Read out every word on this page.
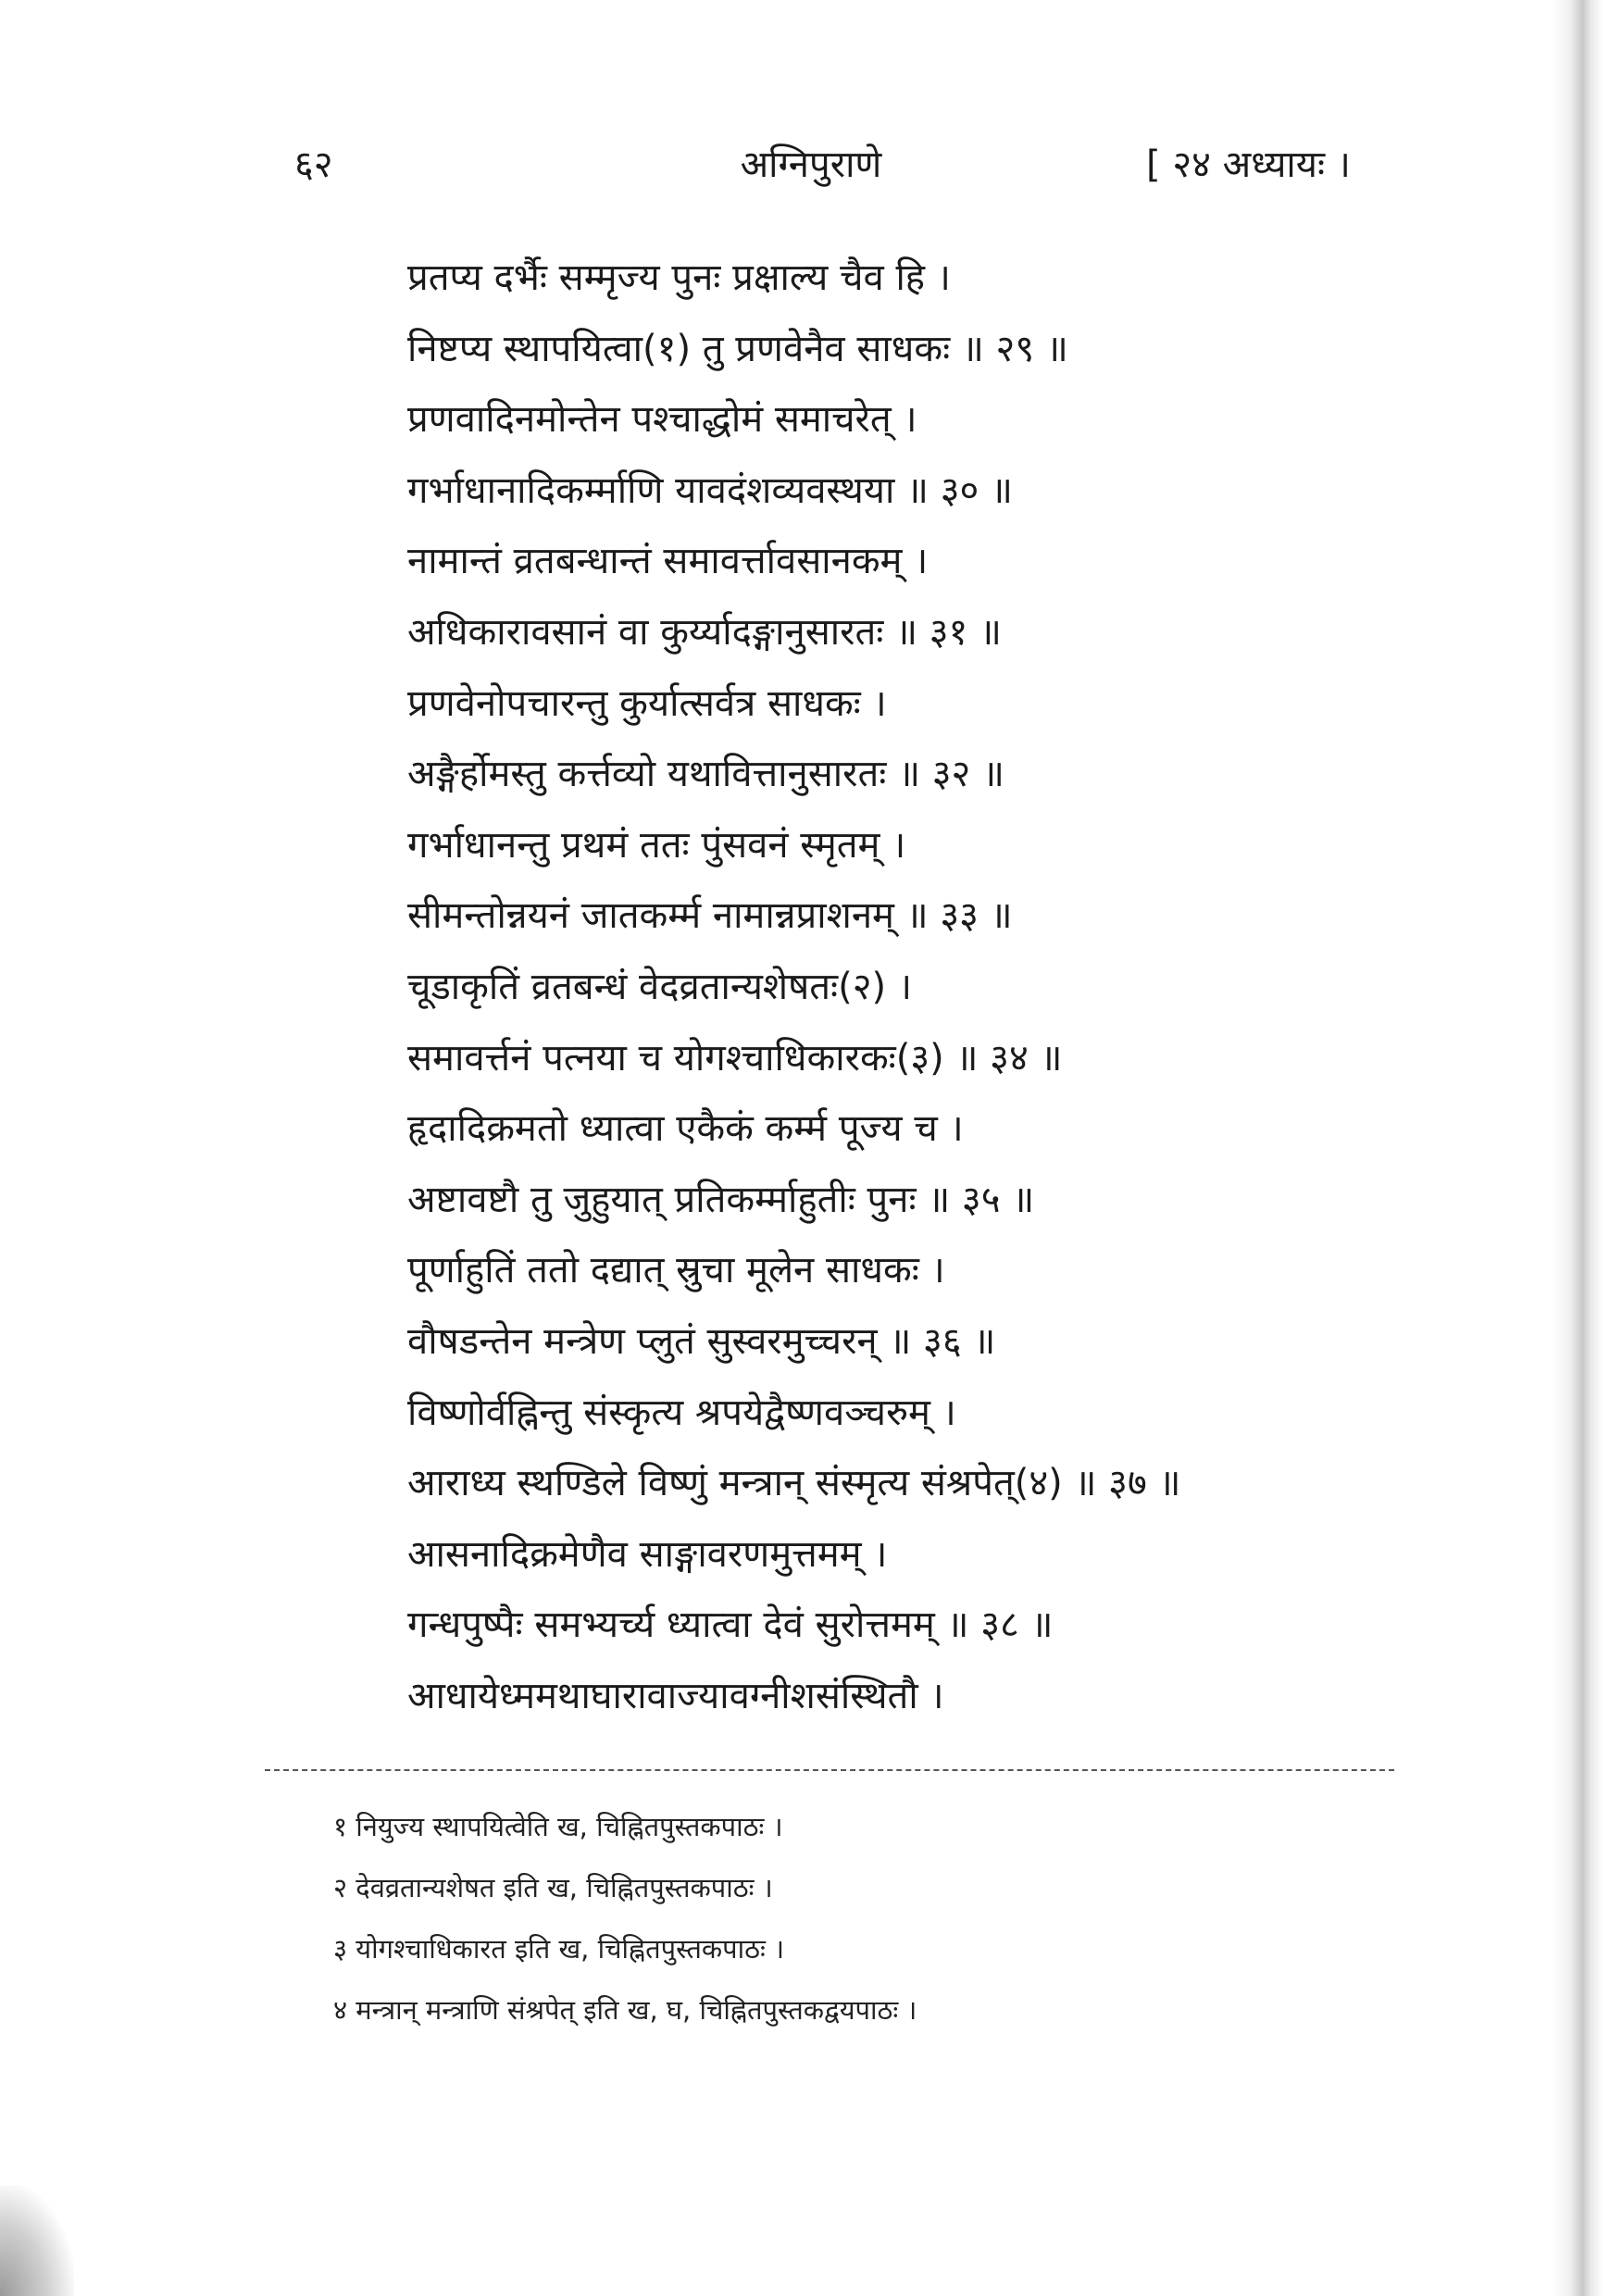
६२	अग्निपुराणे	[ २४ अध्यायः ।
प्रतप्य दर्भैः सम्मृज्य पुनः प्रक्षाल्य चैव हि ।
निष्टप्य स्थापयित्वा(१) तु प्रणवेनैव साधकः ॥ २९ ॥
प्रणवादिनमोन्तेन पश्चाद्धोमं समाचरेत् ।
गर्भाधानादिकर्म्माणि यावदंशव्यवस्थया ॥ ३० ॥
नामान्तं व्रतबन्धान्तं समावर्त्तावसानकम् ।
अधिकारावसानं वा कुर्य्यादङ्गानुसारतः ॥ ३१ ॥
प्रणवेनोपचारन्तु कुर्यात्सर्वत्र साधकः ।
अङ्गैर्होमस्तु कर्त्तव्यो यथावित्तानुसारतः ॥ ३२ ॥
गर्भाधानन्तु प्रथमं ततः पुंसवनं स्मृतम् ।
सीमन्तोन्नयनं जातकर्म्म नामान्नप्राशनम् ॥ ३३ ॥
चूडाकृतिं व्रतबन्धं वेदव्रतान्यशेषतः(२) ।
समावर्त्तनं पत्नया च योगश्चाधिकारकः(३) ॥ ३४ ॥
हृदादिक्रमतो ध्यात्वा एकैकं कर्म्म पूज्य च ।
अष्टावष्टौ तु जुहुयात् प्रतिकर्म्माहुतीः पुनः ॥ ३५ ॥
पूर्णाहुतिं ततो दद्यात् स्रुचा मूलेन साधकः ।
वौषडन्तेन मन्त्रेण प्लुतं सुस्वरमुच्चरन् ॥ ३६ ॥
विष्णोर्वह्निन्तु संस्कृत्य श्रपयेद्वैष्णवञ्चरुम् ।
आराध्य स्थण्डिले विष्णुं मन्त्रान् संस्मृत्य संश्रपेत्(४) ॥ ३७ ॥
आसनादिक्रमेणैव साङ्गावरणमुत्तमम् ।
गन्धपुष्पैः समभ्यर्च्य ध्यात्वा देवं सुरोत्तमम् ॥ ३८ ॥
आधायेध्ममथाघारावाज्यावग्नीशसंस्थितौ ।
१ नियुज्य स्थापयित्वेति ख, चिह्नितपुस्तकपाठः ।
२ देवव्रतान्यशेषत इति ख, चिह्नितपुस्तकपाठः ।
३ योगश्चाधिकारत इति ख, चिह्नितपुस्तकपाठः ।
४ मन्त्रान् मन्त्राणि संश्रपेत् इति ख, घ, चिह्नितपुस्तकद्वयपाठः ।
